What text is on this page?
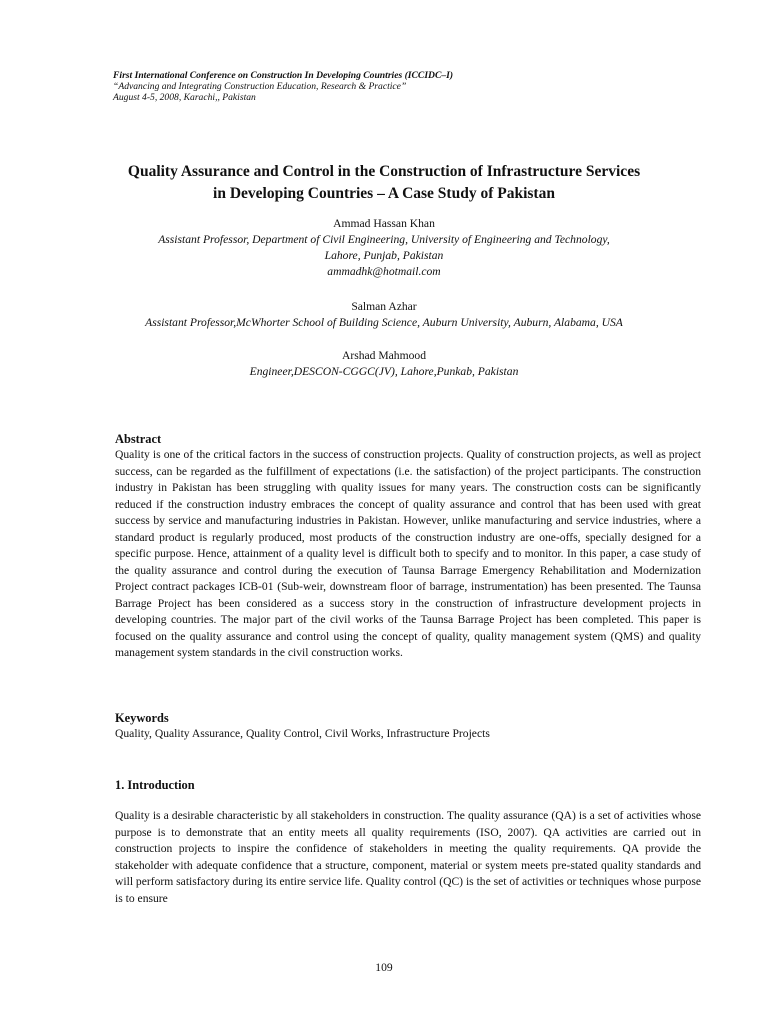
First International Conference on Construction In Developing Countries (ICCIDC–I)
“Advancing and Integrating Construction Education, Research & Practice”
August 4-5, 2008, Karachi,, Pakistan
Quality Assurance and Control in the Construction of Infrastructure Services
in Developing Countries – A Case Study of Pakistan
Ammad Hassan Khan
Assistant Professor, Department of Civil Engineering, University of Engineering and Technology,
Lahore, Punjab, Pakistan
ammadhk@hotmail.com
Salman Azhar
Assistant Professor,McWhorter School of Building Science, Auburn University, Auburn, Alabama, USA
Arshad Mahmood
Engineer,DESCON-CGGC(JV), Lahore,Punkab, Pakistan
Abstract
Quality is one of the critical factors in the success of construction projects. Quality of construction projects, as well as project success, can be regarded as the fulfillment of expectations (i.e. the satisfaction) of the project participants. The construction industry in Pakistan has been struggling with quality issues for many years. The construction costs can be significantly reduced if the construction industry embraces the concept of quality assurance and control that has been used with great success by service and manufacturing industries in Pakistan. However, unlike manufacturing and service industries, where a standard product is regularly produced, most products of the construction industry are one-offs, specially designed for a specific purpose. Hence, attainment of a quality level is difficult both to specify and to monitor. In this paper, a case study of the quality assurance and control during the execution of Taunsa Barrage Emergency Rehabilitation and Modernization Project contract packages ICB-01 (Sub-weir, downstream floor of barrage, instrumentation) has been presented. The Taunsa Barrage Project has been considered as a success story in the construction of infrastructure development projects in developing countries. The major part of the civil works of the Taunsa Barrage Project has been completed. This paper is focused on the quality assurance and control using the concept of quality, quality management system (QMS) and quality management system standards in the civil construction works.
Keywords
Quality, Quality Assurance, Quality Control, Civil Works, Infrastructure Projects
1. Introduction
Quality is a desirable characteristic by all stakeholders in construction. The quality assurance (QA) is a set of activities whose purpose is to demonstrate that an entity meets all quality requirements (ISO, 2007). QA activities are carried out in construction projects to inspire the confidence of stakeholders in meeting the quality requirements. QA provide the stakeholder with adequate confidence that a structure, component, material or system meets pre-stated quality standards and will perform satisfactory during its entire service life. Quality control (QC) is the set of activities or techniques whose purpose is to ensure
109
